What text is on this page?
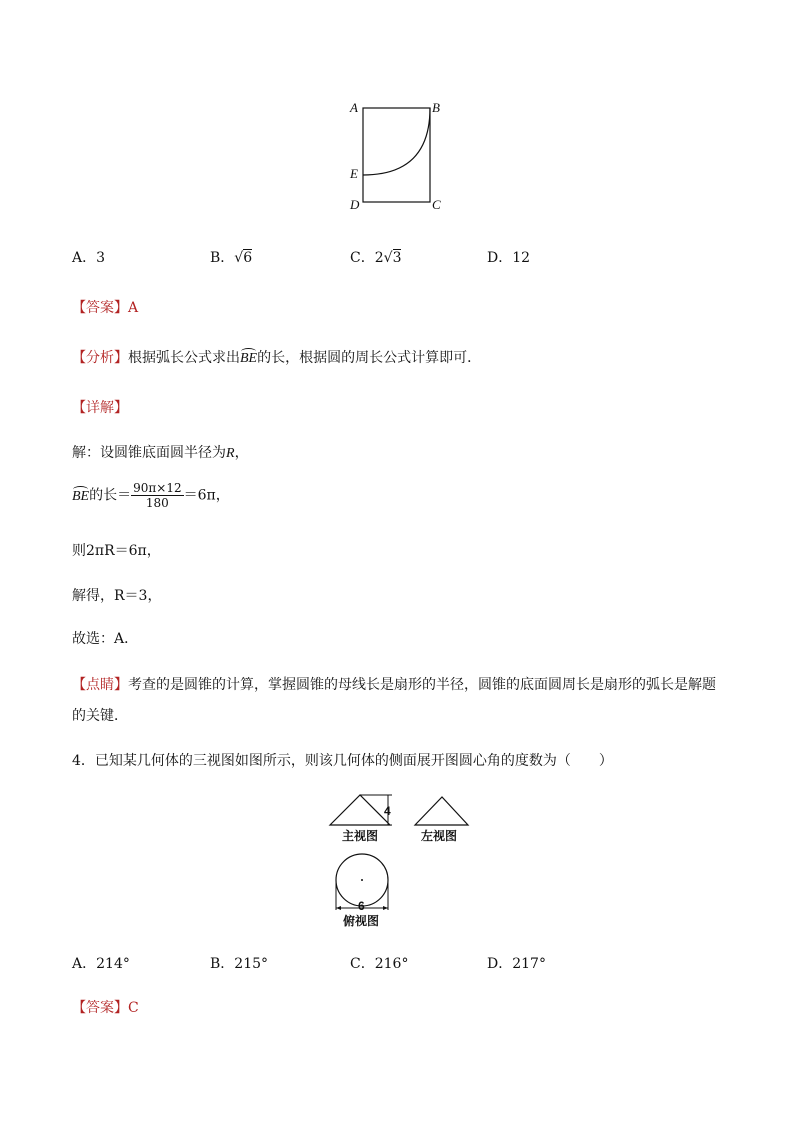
A	B
E
D	C
A．3	B．√6	C．2√3	D．12
【答案】A
【分析】根据弧长公式求出BE的长，根据圆的周长公式计算即可．
【详解】
解：设圆锥底面圆半径为R，
BE的长＝ $\frac{90\pi\times 12}{180} =6\pi$，
则2πR＝6π，
解得，R＝3，
故选：A．
【点睛】考查的是圆锥的计算，掌握圆锥的母线长是扇形的半径，圆锥的底面圆周长是扇形的弧长是解题
的关键．
4．已知某几何体的三视图如图所示，则该几何体的侧面展开图圆心角的度数为（　　）
4
主视图	左视图
6
俯视图
A．214°	B．215°	C．216°	D．217°
【答案】C
